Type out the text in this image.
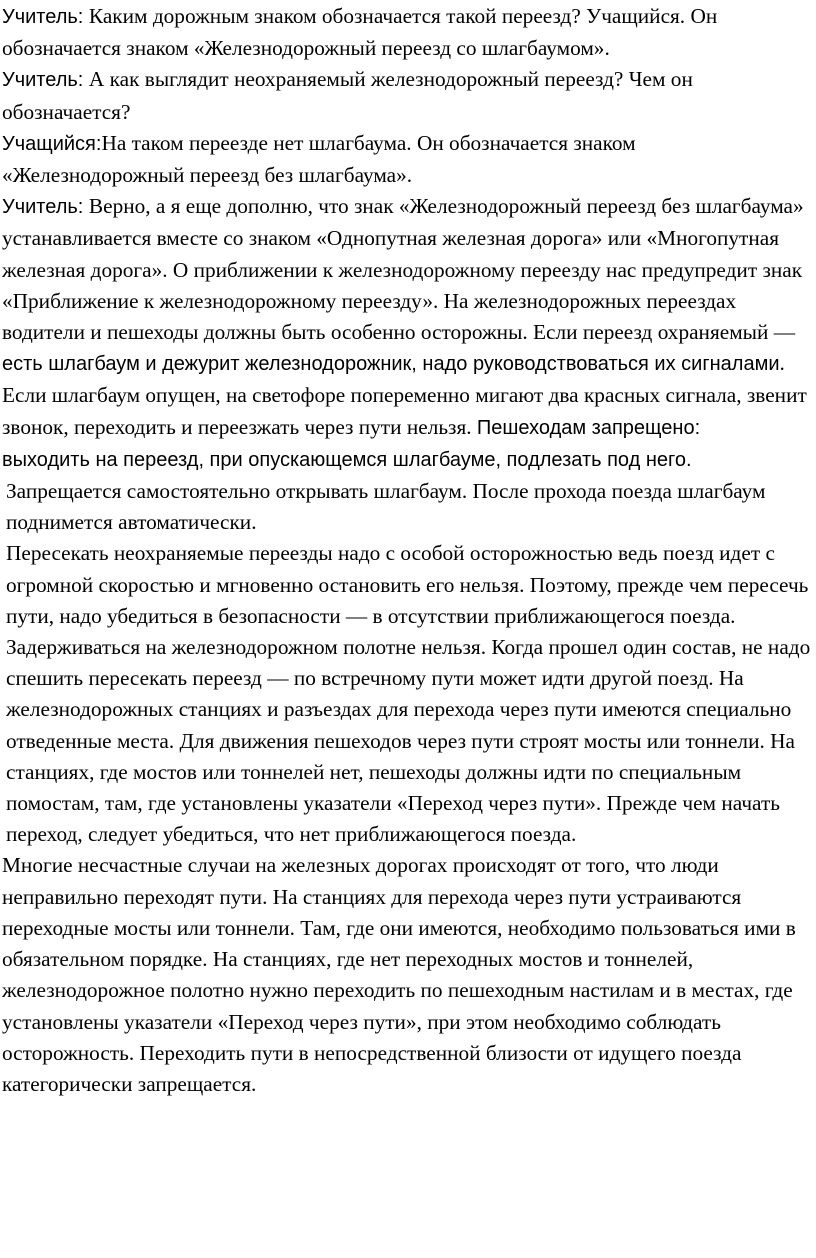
Учитель: Каким дорожным знаком обозначается такой переезд? Учащийся. Он обозначается знаком «Железнодорожный переезд со шлагбаумом».

Учитель: А как выглядит неохраняемый железнодорожный переезд? Чем он обозначается?

Учащийся:На таком переезде нет шлагбаума. Он обозначается знаком «Железнодорожный переезд без шлагбаума».

Учитель: Верно, а я еще дополню, что знак «Железнодорожный переезд без шлагбаума» устанавливается вместе со знаком «Однопутная железная дорога» или «Многопутная железная дорога». О приближении к железнодорожному переезду нас предупредит знак «Приближение к железнодорожному переезду». На железнодорожных переездах водители и пешеходы должны быть особенно осторожны. Если переезд охраняемый — есть шлагбаум и дежурит железнодорожник, надо руководствоваться их сигналами. Если шлагбаум опущен, на светофоре попеременно мигают два красных сигнала, звенит звонок, переходить и переезжать через пути нельзя. Пешеходам запрещено:
выходить на переезд, при опускающемся шлагбауме, подлезать под него.

Запрещается самостоятельно открывать шлагбаум. После прохода поезда шлагбаум поднимется автоматически.

Пересекать неохраняемые переезды надо с особой осторожностью ведь поезд идет с огромной скоростью и мгновенно остановить его нельзя. Поэтому, прежде чем пересечь пути, надо убедиться в безопасности — в отсутствии приближающегося поезда.

Задерживаться на железнодорожном полотне нельзя. Когда прошел один состав, не надо спешить пересекать переезд — по встречному пути может идти другой поезд. На железнодорожных станциях и разъездах для перехода через пути имеются специально отведенные места. Для движения пешеходов через пути строят мосты или тоннели. На станциях, где мостов или тоннелей нет, пешеходы должны идти по специальным помостам, там, где установлены указатели «Переход через пути». Прежде чем начать переход, следует убедиться, что нет приближающегося поезда.

Многие несчастные случаи на железных дорогах происходят от того, что люди неправильно переходят пути. На станциях для перехода через пути устраиваются переходные мосты или тоннели. Там, где они имеются, необходимо пользоваться ими в обязательном порядке. На станциях, где нет переходных мостов и тоннелей, железнодорожное полотно нужно переходить по пешеходным настилам и в местах, где установлены указатели «Переход через пути», при этом необходимо соблюдать осторожность. Переходить пути в непосредственной близости от идущего поезда категорически запрещается.
